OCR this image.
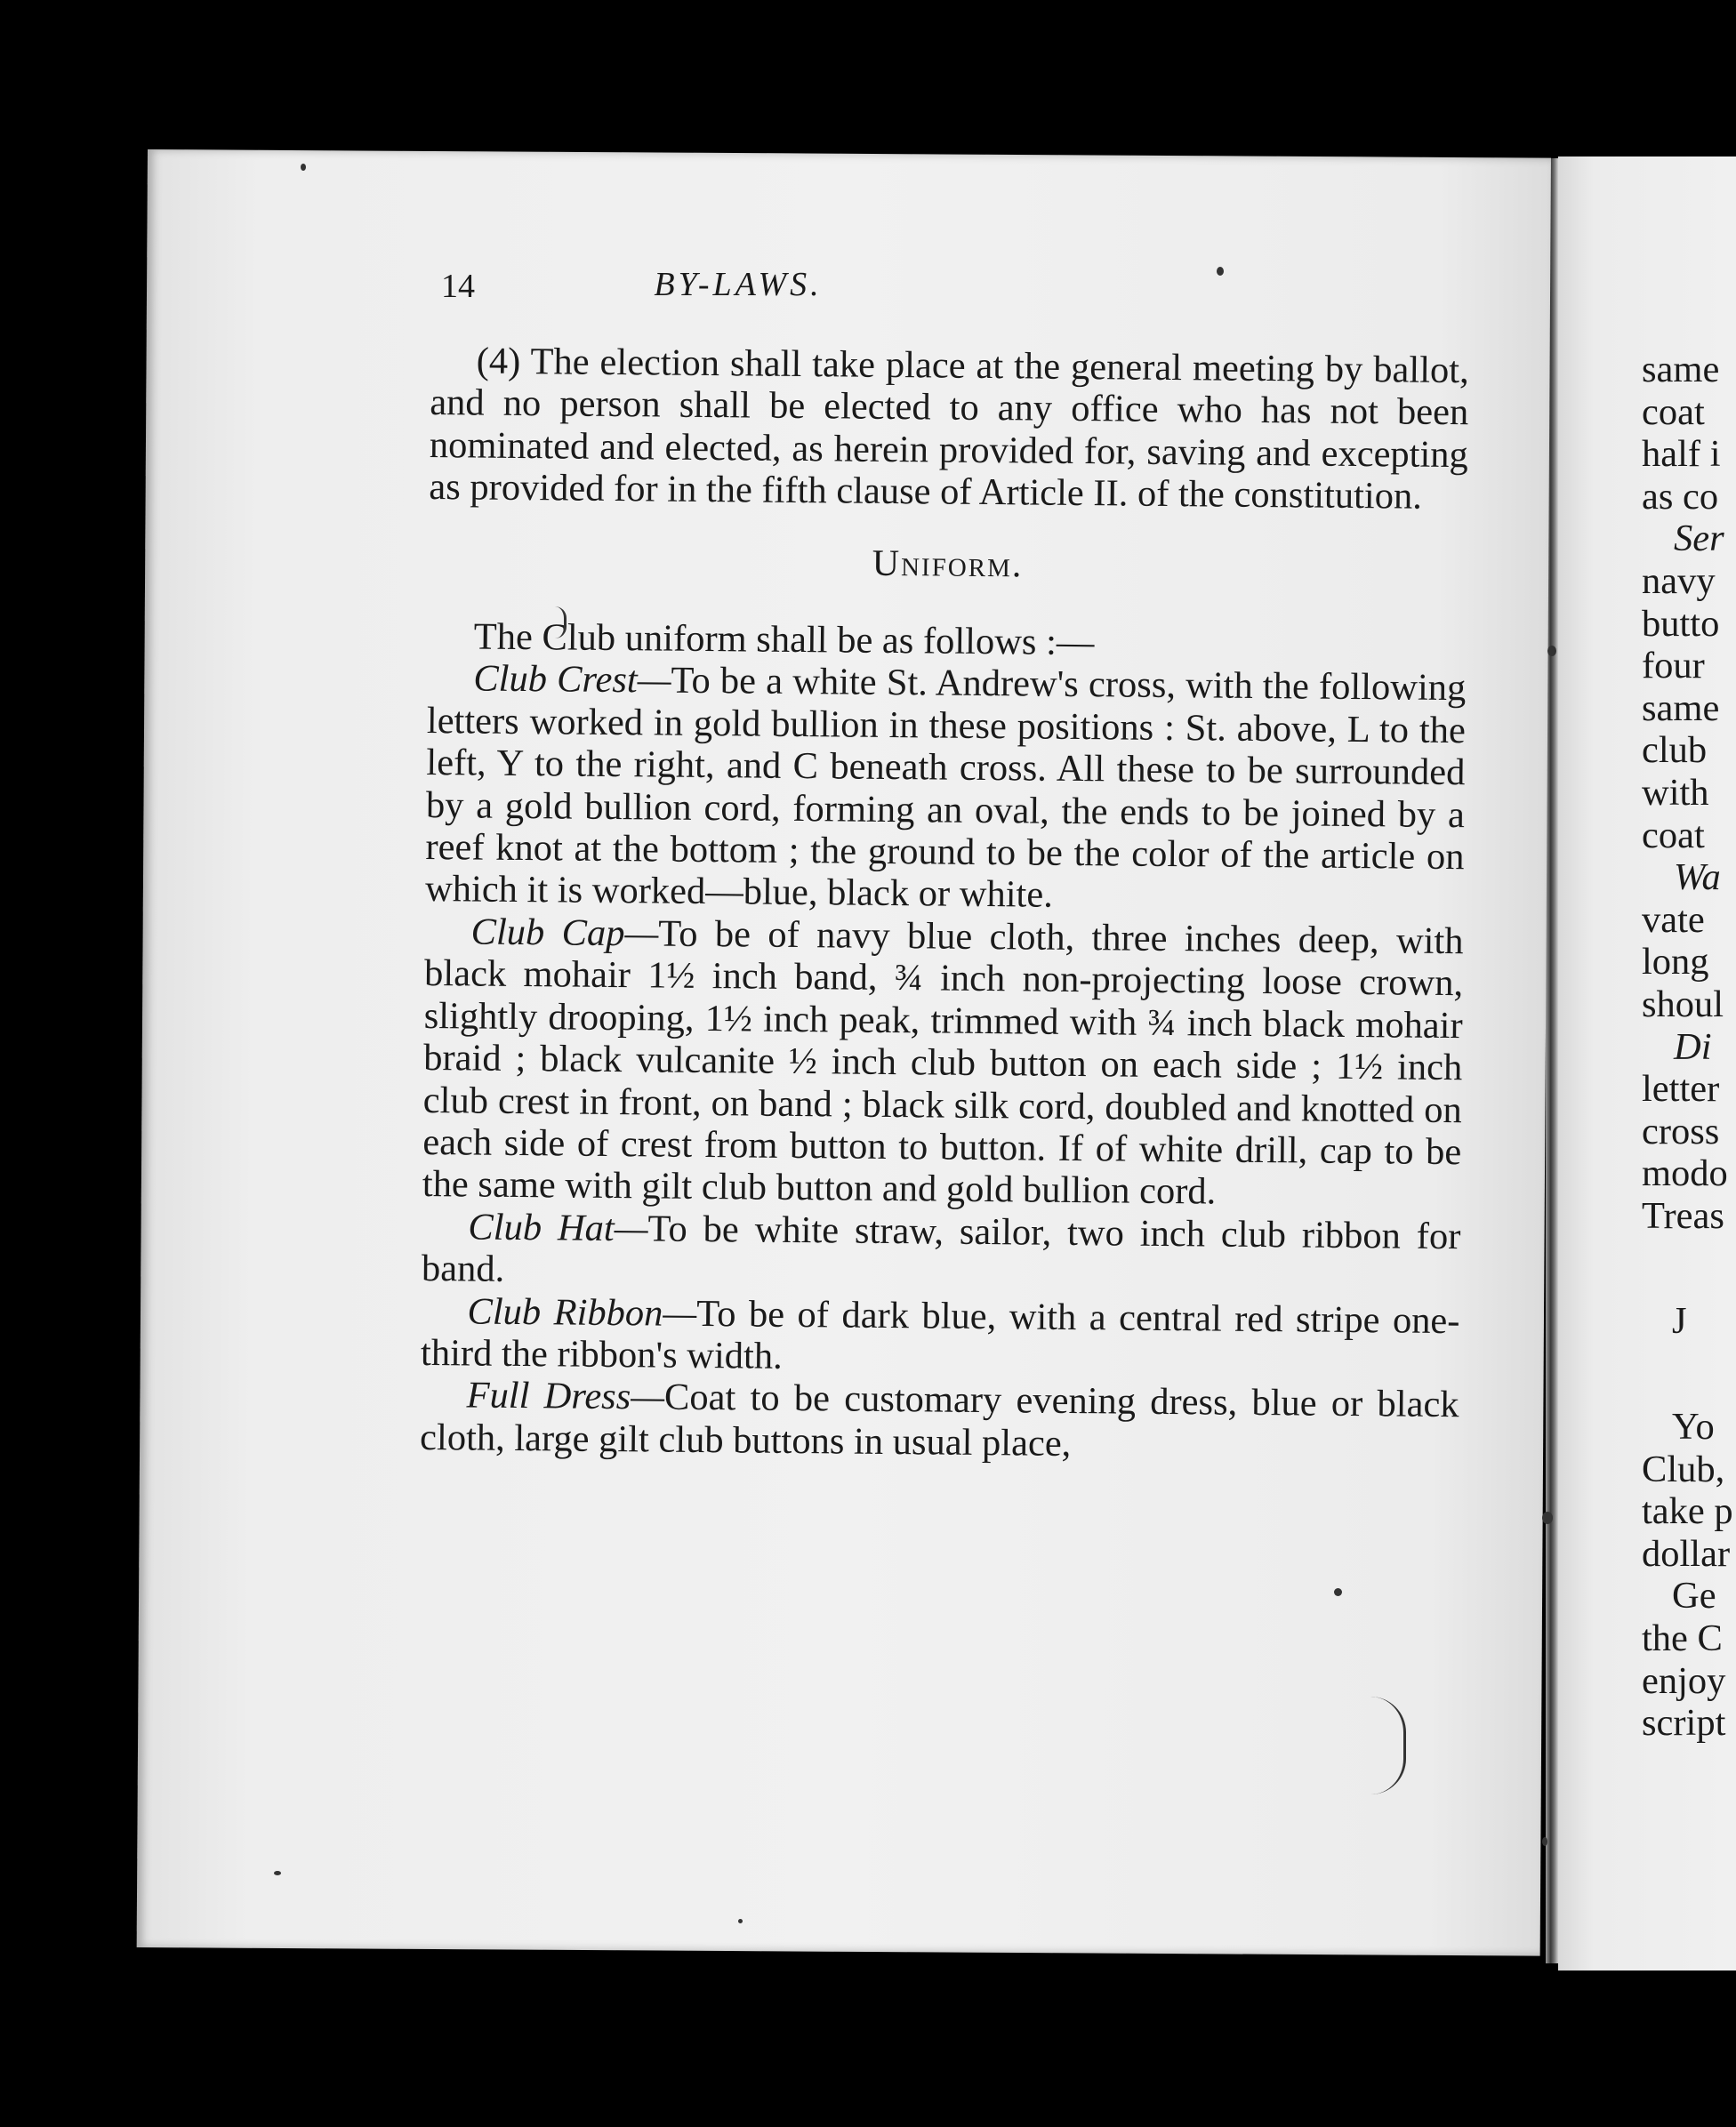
14	BY-LAWS.

(4) The election shall take place at the general meeting by ballot, and no person shall be elected to any office who has not been nominated and elected, as herein provided for, saving and excepting as provided for in the fifth clause of Article II. of the constitution.

Uniform.

The Club uniform shall be as follows :—

Club Crest—To be a white St. Andrew's cross, with the following letters worked in gold bullion in these positions : St. above, L to the left, Y to the right, and C beneath cross. All these to be surrounded by a gold bullion cord, forming an oval, the ends to be joined by a reef knot at the bottom ; the ground to be the color of the article on which it is worked—blue, black or white.

Club Cap—To be of navy blue cloth, three inches deep, with black mohair 1½ inch band, ¾ inch non-projecting loose crown, slightly drooping, 1½ inch peak, trimmed with ¾ inch black mohair braid ; black vulcanite ½ inch club button on each side ; 1½ inch club crest in front, on band ; black silk cord, doubled and knotted on each side of crest from button to button. If of white drill, cap to be the same with gilt club button and gold bullion cord.

Club Hat—To be white straw, sailor, two inch club ribbon for band.

Club Ribbon—To be of dark blue, with a central red stripe one-third the ribbon's width.

Full Dress—Coat to be customary evening dress, blue or black cloth, large gilt club buttons in usual place,

same
coat
half i
as co
Ser
navy
butto
four
same
club
with
coat
Wa
vate
long
shoul
Di
letter
cross
modo
Treas
J
Yo
Club,
take p
dollar
Ge
the C
enjoy
script
